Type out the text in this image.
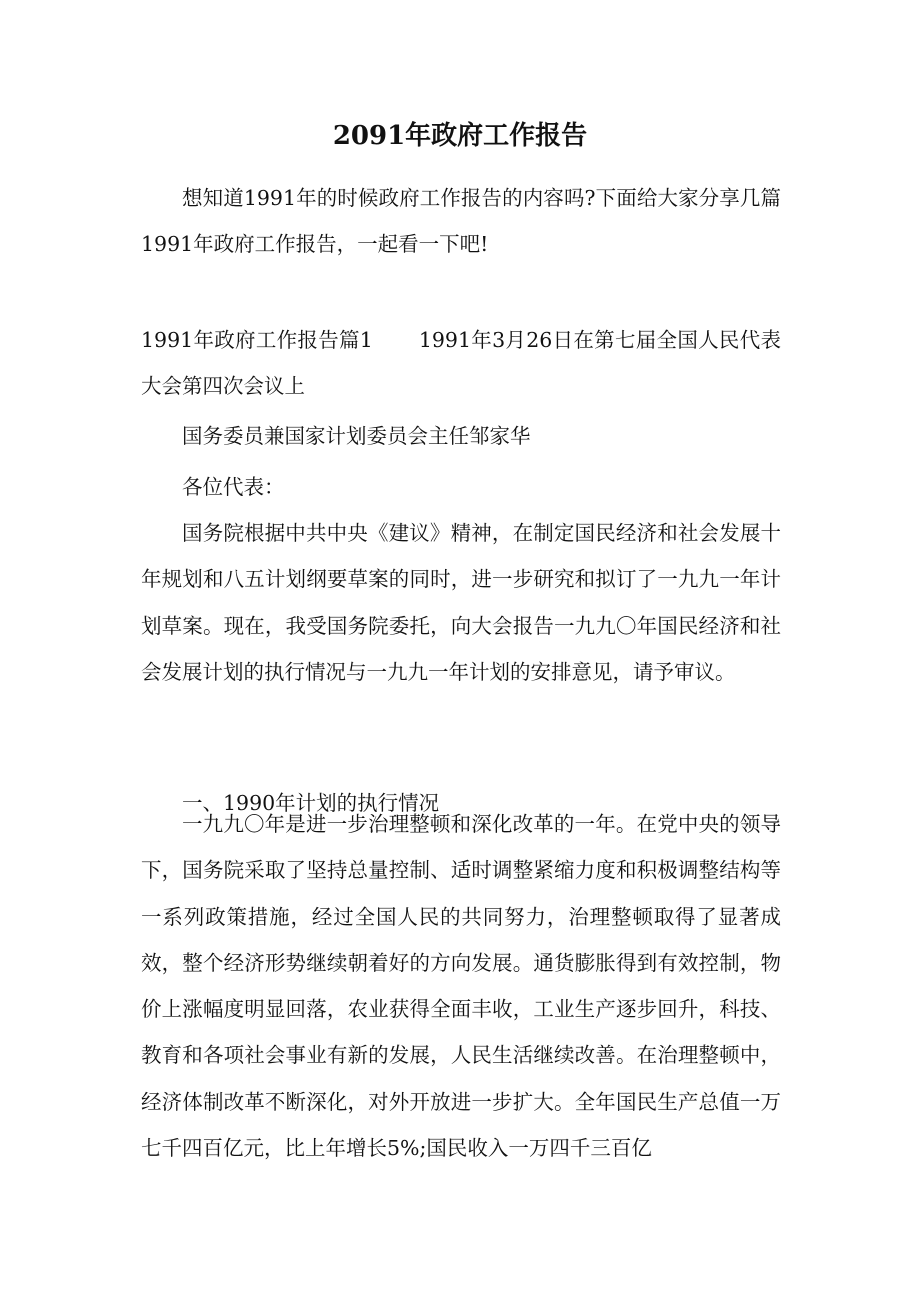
2091年政府工作报告

想知道1991年的时候政府工作报告的内容吗?下面给大家分享几篇1991年政府工作报告，一起看一下吧!

1991年政府工作报告篇1 1991年3月26日在第七届全国人民代表大会第四次会议上

国务委员兼国家计划委员会主任邹家华
各位代表：

国务院根据中共中央《建议》精神，在制定国民经济和社会发展十年规划和八五计划纲要草案的同时，进一步研究和拟订了一九九一年计划草案。现在，我受国务院委托，向大会报告一九九〇年国民经济和社会发展计划的执行情况与一九九一年计划的安排意见，请予审议。

一、1990年计划的执行情况

一九九〇年是进一步治理整顿和深化改革的一年。在党中央的领导下，国务院采取了坚持总量控制、适时调整紧缩力度和积极调整结构等一系列政策措施，经过全国人民的共同努力，治理整顿取得了显著成效，整个经济形势继续朝着好的方向发展。通货膨胀得到有效控制，物价上涨幅度明显回落，农业获得全面丰收，工业生产逐步回升，科技、教育和各项社会事业有新的发展，人民生活继续改善。在治理整顿中，经济体制改革不断深化，对外开放进一步扩大。全年国民生产总值一万七千四百亿元，比上年增长5%;国民收入一万四千三百亿
